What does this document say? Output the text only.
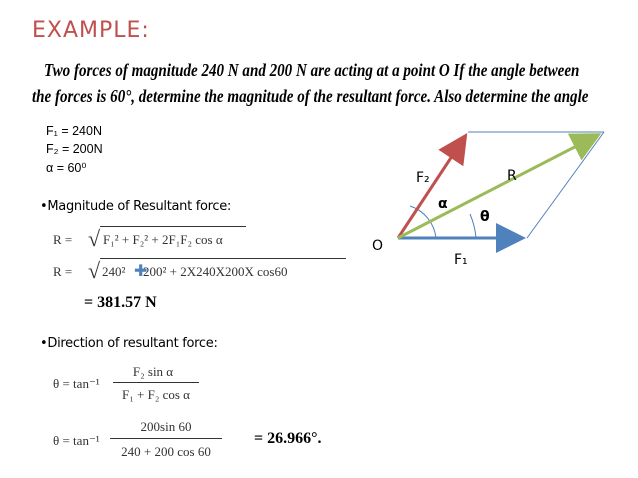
EXAMPLE:
Two forces of magnitude 240 N and 200 N are acting at a point O If the angle between
the forces is 60°, determine the magnitude of the resultant force. Also determine the angle
F₁ = 240N
F₂ = 200N
α = 60⁰
•Magnitude of Resultant force:
R = √ F₁² + F₂² + 2F₁F₂ cos α
R = √ 240² ✚
200² + 2X240X200X cos60
= 381.57 N
•Direction of resultant force:
θ = tan⁻¹
F₂ sin α
F₁ + F₂ cos α
θ = tan⁻¹
200sin 60
240 + 200 cos 60
= 26.966°.
O
F₁
F₂	R
α
θ
